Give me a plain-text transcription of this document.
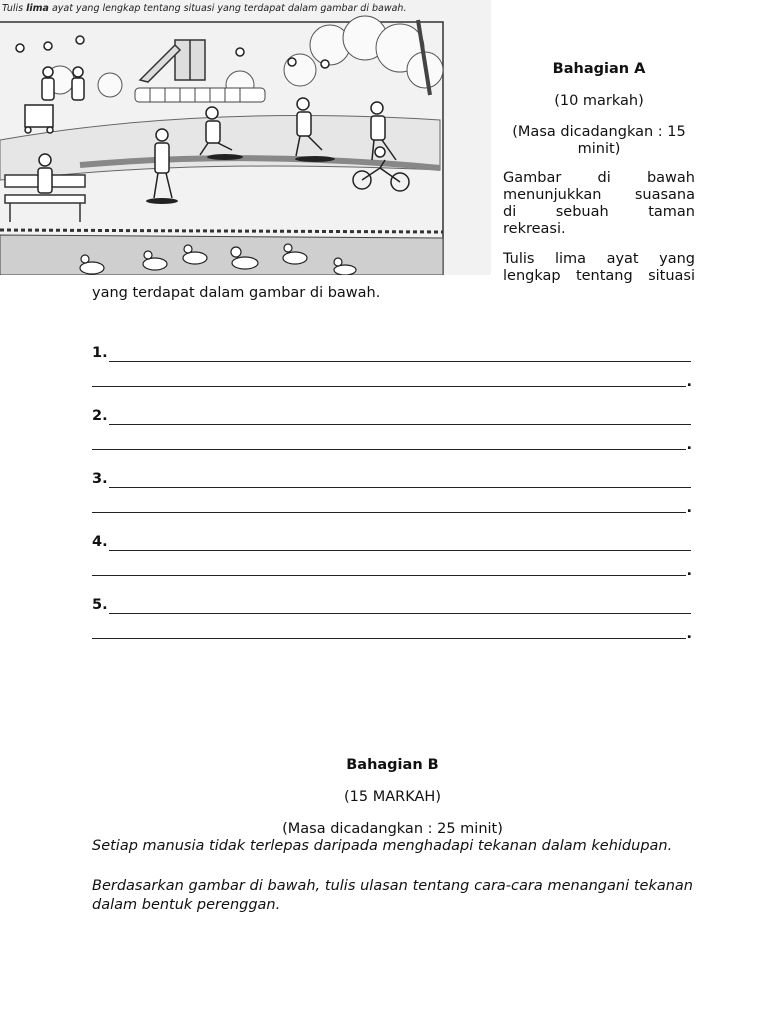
Tulis lima ayat yang lengkap tentang situasi yang terdapat dalam gambar di bawah.
Bahagian A
(10 markah)
(Masa dicadangkan : 15
minit)
Gambar di bawah
menunjukkan suasana
di sebuah taman
rekreasi.
Tulis lima ayat yang
lengkap tentang situasi
yang terdapat dalam gambar di bawah.
1.
.
2.
.
3.
.
4.
.
5.
.
Bahagian B
(15 MARKAH)
(Masa dicadangkan : 25 minit)
Setiap manusia tidak terlepas daripada menghadapi tekanan dalam kehidupan.
Berdasarkan gambar di bawah, tulis ulasan tentang cara-cara menangani tekanan dalam bentuk perenggan.
